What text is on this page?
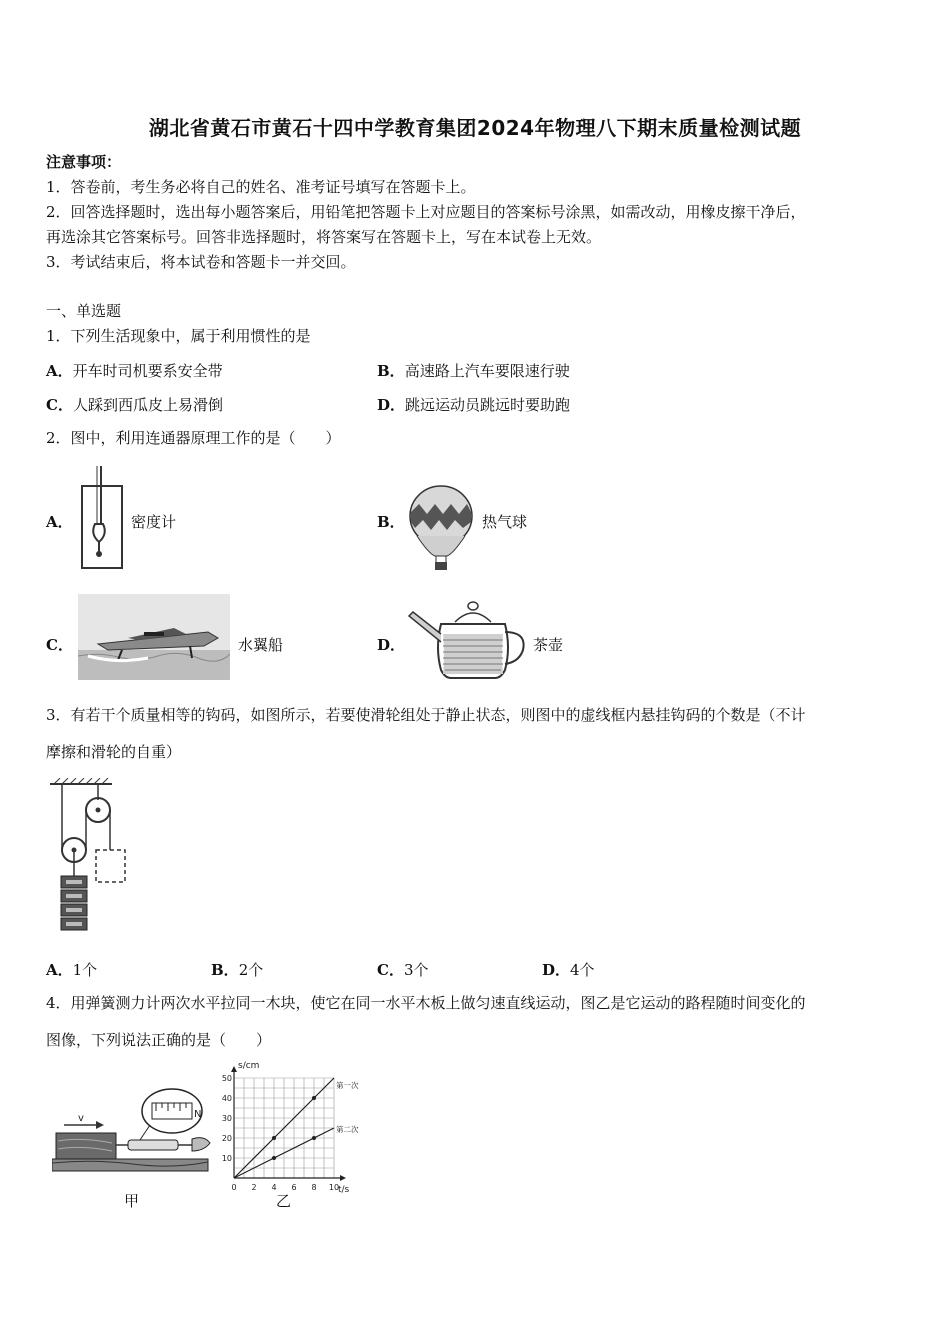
湖北省黄石市黄石十四中学教育集团2024年物理八下期末质量检测试题
注意事项：
1．答卷前，考生务必将自己的姓名、准考证号填写在答题卡上。
2．回答选择题时，选出每小题答案后，用铅笔把答题卡上对应题目的答案标号涂黑，如需改动，用橡皮擦干净后，
再选涂其它答案标号。回答非选择题时，将答案写在答题卡上，写在本试卷上无效。
3．考试结束后，将本试卷和答题卡一并交回。
一、单选题
1．下列生活现象中，属于利用惯性的是
A．开车时司机要系安全带	B．高速路上汽车要限速行驶
C．人踩到西瓜皮上易滑倒	D．跳远运动员跳远时要助跑
2．图中，利用连通器原理工作的是（　　）
A．	密度计	B．	热气球
C．	水翼船	D．	茶壶
3．有若干个质量相等的钩码，如图所示，若要使滑轮组处于静止状态，则图中的虚线框内悬挂钩码的个数是（不计
摩擦和滑轮的自重）
A．1个	B．2个	C．3个	D．4个
4．用弹簧测力计两次水平拉同一木块，使它在同一水平木板上做匀速直线运动，图乙是它运动的路程随时间变化的
图像，下列说法正确的是（　　）
v	N
甲
s/cm
t/s
0 2 4 6 8 10
10
20
30
40
50
第一次
第二次
乙
